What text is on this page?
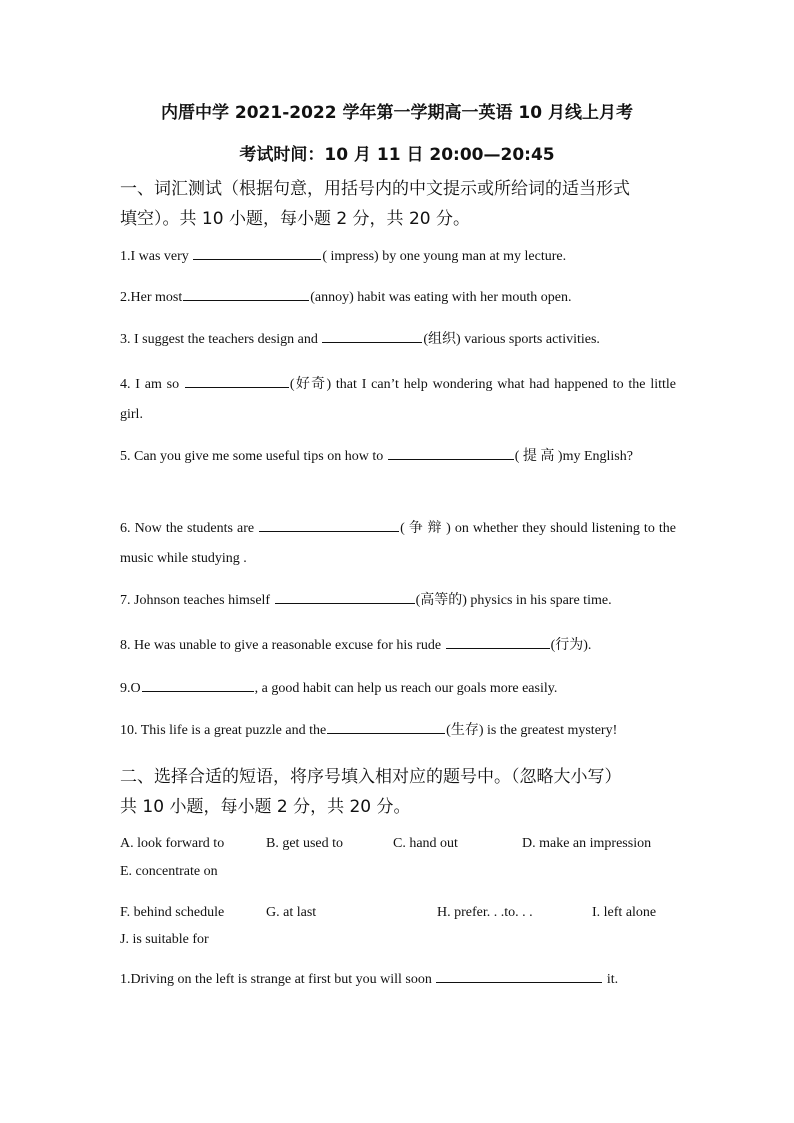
内厝中学 2021-2022 学年第一学期高一英语 10 月线上月考
考试时间：10 月 11 日 20:00—20:45
一、词汇测试（根据句意，用括号内的中文提示或所给词的适当形式
填空）。共 10 小题，每小题 2 分，共 20 分。
1.I was very	( impress) by one young man at my lecture.
2.Her most	(annoy) habit was eating with her mouth open.
3. I suggest the teachers design and	(组织) various sports activities.
4. I am so	(好奇) that I can’t help wondering what had happened to the little girl.
5. Can you give me some useful tips on how to	( 提 高 )my English?
6. Now the students are	( 争 辩 ) on whether they should listening to the music while studying .
7. Johnson teaches himself	(高等的) physics in his spare time.
8. He was unable to give a reasonable excuse for his rude	(行为).
9.O	, a good habit can help us reach our goals more easily.
10. This life is a great puzzle and the	(生存) is the greatest mystery!
二、选择合适的短语，将序号填入相对应的题号中。（忽略大小写）
共 10 小题，每小题 2 分，共 20 分。
A. look forward to	B. get used to	C. hand out	D. make an impression
E. concentrate on
F. behind schedule	G. at last	H. prefer. . .to. . .	I. left alone
J. is suitable for
1.Driving on the left is strange at first but you will soon	it.
